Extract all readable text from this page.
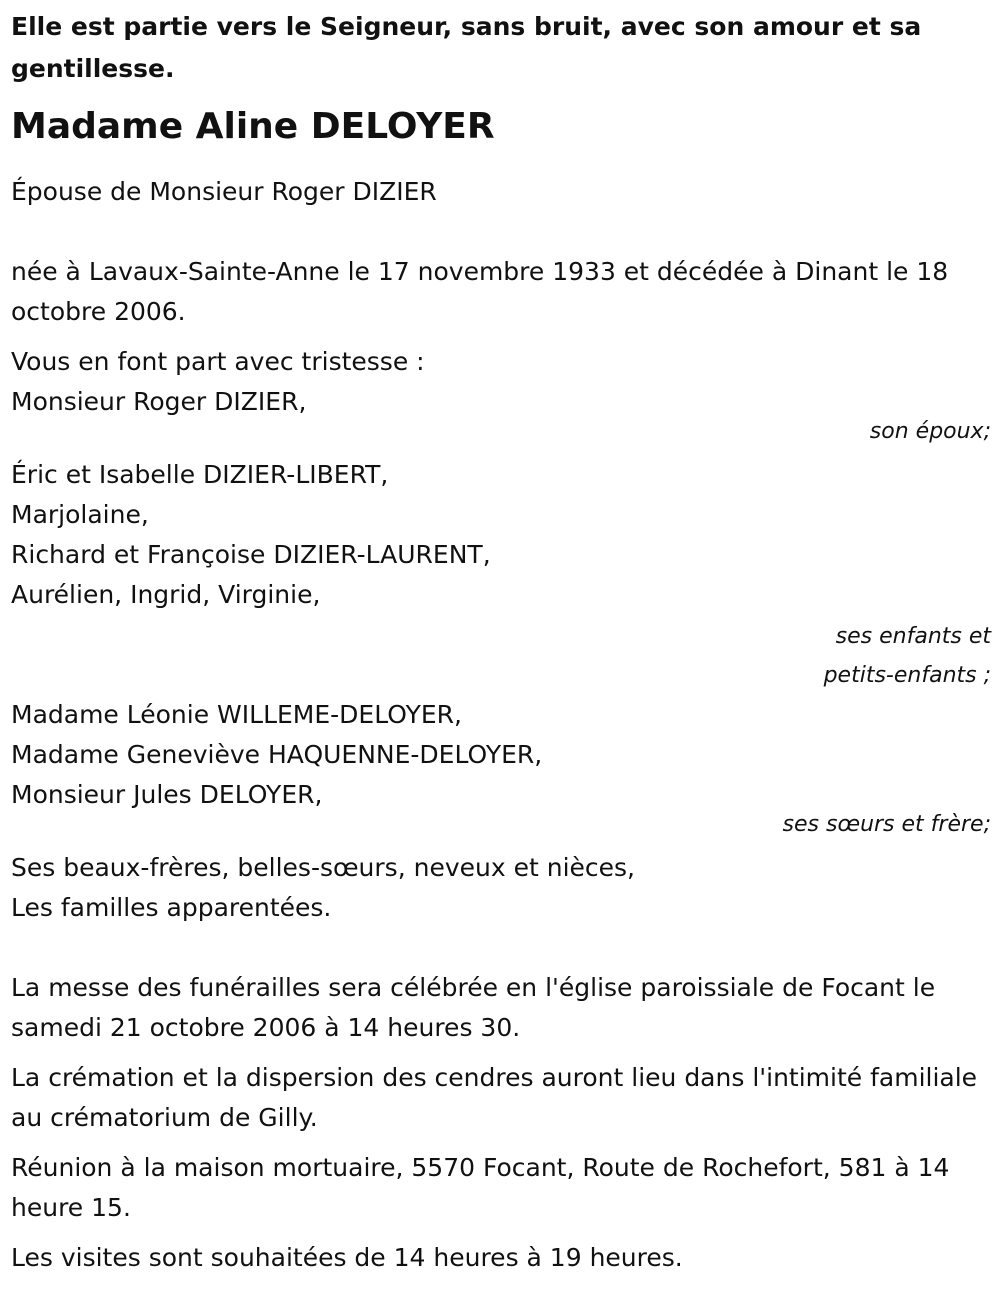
Elle est partie vers le Seigneur, sans bruit, avec son amour et sa gentillesse.
Madame Aline DELOYER
Épouse de Monsieur Roger DIZIER
née à Lavaux-Sainte-Anne le 17 novembre 1933 et décédée à Dinant le 18 octobre 2006.
Vous en font part avec tristesse :
Monsieur Roger DIZIER,
son époux;
Éric et Isabelle DIZIER-LIBERT,
Marjolaine,
Richard et Françoise DIZIER-LAURENT,
Aurélien, Ingrid, Virginie,
ses enfants et
petits-enfants ;
Madame Léonie WILLEME-DELOYER,
Madame Geneviève HAQUENNE-DELOYER,
Monsieur Jules DELOYER,
ses sœurs et frère;
Ses beaux-frères, belles-sœurs, neveux et nièces,
Les familles apparentées.
La messe des funérailles sera célébrée en l'église paroissiale de Focant le samedi 21 octobre 2006 à 14 heures 30.
La crémation et la dispersion des cendres auront lieu dans l'intimité familiale au crématorium de Gilly.
Réunion à la maison mortuaire, 5570 Focant, Route de Rochefort, 581 à 14 heure 15.
Les visites sont souhaitées de 14 heures à 19 heures.
